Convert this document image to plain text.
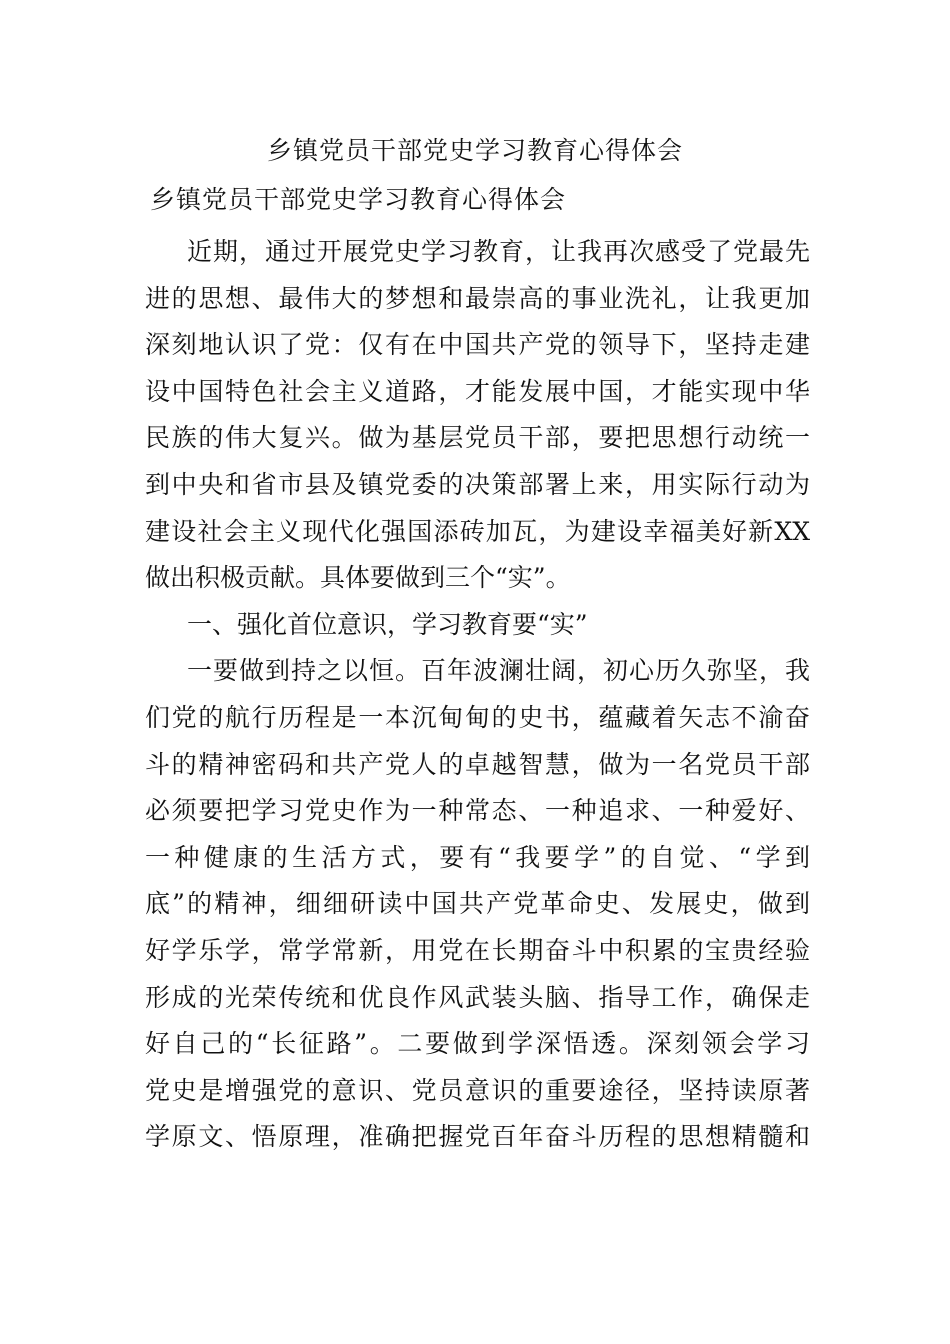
乡镇党员干部党史学习教育心得体会
乡镇党员干部党史学习教育心得体会
近期，通过开展党史学习教育，让我再次感受了党最先
进的思想、最伟大的梦想和最崇高的事业洗礼，让我更加
深刻地认识了党：仅有在中国共产党的领导下，坚持走建
设中国特色社会主义道路，才能发展中国，才能实现中华
民族的伟大复兴。做为基层党员干部，要把思想行动统一
到中央和省市县及镇党委的决策部署上来，用实际行动为
建设社会主义现代化强国添砖加瓦，为建设幸福美好新XX
做出积极贡献。具体要做到三个“实”。
一、强化首位意识，学习教育要“实”
一要做到持之以恒。百年波澜壮阔，初心历久弥坚，我
们党的航行历程是一本沉甸甸的史书，蕴藏着矢志不渝奋
斗的精神密码和共产党人的卓越智慧，做为一名党员干部
必须要把学习党史作为一种常态、一种追求、一种爱好、
一种健康的生活方式，要有“我要学”的自觉、“学到
底”的精神，细细研读中国共产党革命史、发展史，做到
好学乐学，常学常新，用党在长期奋斗中积累的宝贵经验
形成的光荣传统和优良作风武装头脑、指导工作，确保走
好自己的“长征路”。二要做到学深悟透。深刻领会学习
党史是增强党的意识、党员意识的重要途径，坚持读原著
学原文、悟原理，准确把握党百年奋斗历程的思想精髓和
